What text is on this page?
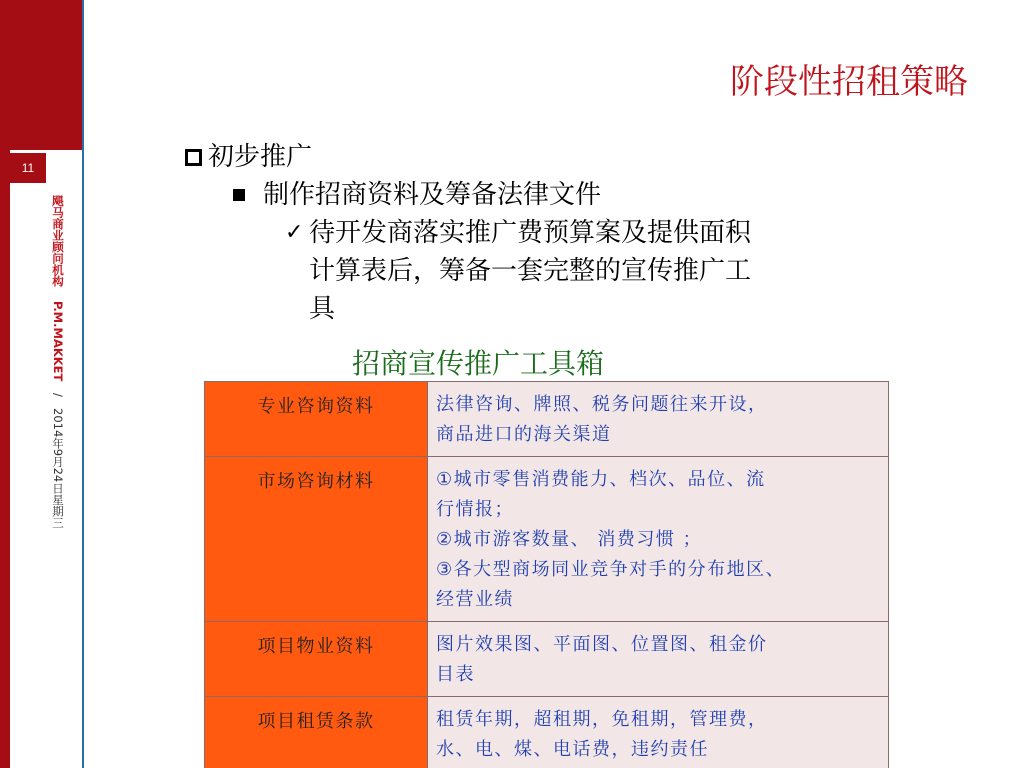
11
飓马商业顾问机构 P.M.MAKKET / 2014年9月24日星期三
阶段性招租策略
初步推广
制作招商资料及筹备法律文件
✓ 待开发商落实推广费预算案及提供面积
计算表后，筹备一套完整的宣传推广工
具
招商宣传推广工具箱
专业咨询资料	法律咨询、牌照、税务问题往来开设，
商品进口的海关渠道

市场咨询材料	①城市零售消费能力、档次、品位、流
行情报；
②城市游客数量、 消费习惯 ；
③各大型商场同业竞争对手的分布地区、
经营业绩

项目物业资料	图片效果图、平面图、位置图、租金价
目表

项目租赁条款	租赁年期，超租期，免租期，管理费，
水、电、煤、电话费，违约责任
